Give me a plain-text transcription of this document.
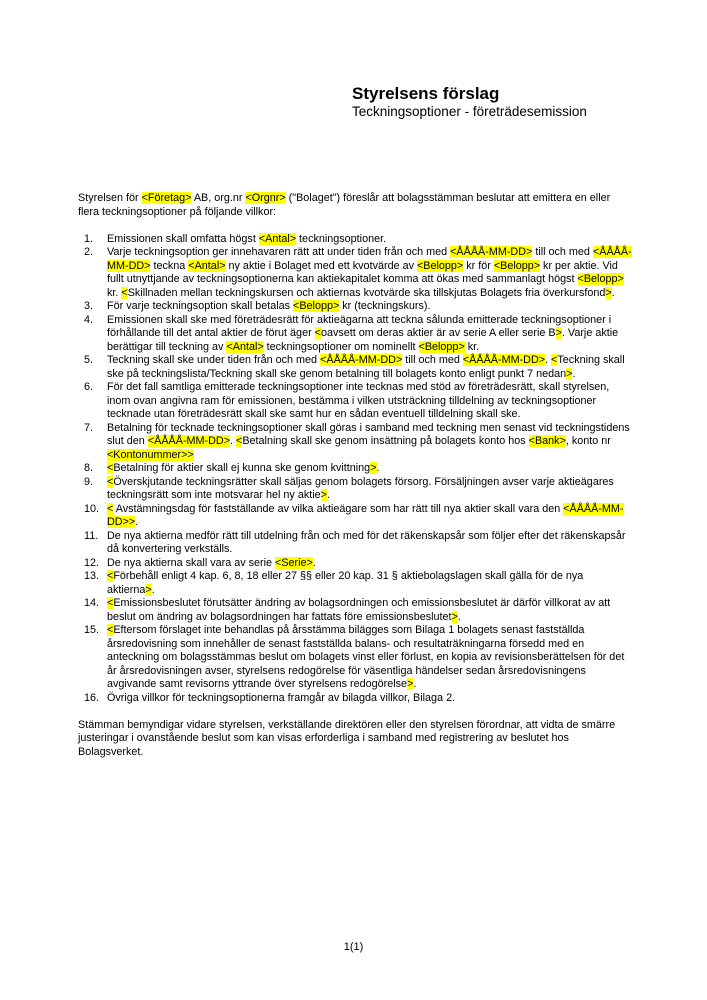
Styrelsens förslag
Teckningsoptioner - företrädesemission

Styrelsen för <Företag> AB, org.nr <Orgnr> ("Bolaget") föreslår att bolagsstämman beslutar att emittera en eller flera teckningsoptioner på följande villkor:

1.	Emissionen skall omfatta högst <Antal> teckningsoptioner.
2.	Varje teckningsoption ger innehavaren rätt att under tiden från och med <ÅÅÅÅ-MM-DD> till och med <ÅÅÅÅ-MM-DD> teckna <Antal> ny aktie i Bolaget med ett kvotvärde av <Belopp> kr för <Belopp> kr per aktie. Vid fullt utnyttjande av teckningsoptionerna kan aktiekapitalet komma att ökas med sammanlagt högst <Belopp> kr. <Skillnaden mellan teckningskursen och aktiernas kvotvärde ska tillskjutas Bolagets fria överkursfond>.
3.	För varje teckningsoption skall betalas <Belopp> kr (teckningskurs).
4.	Emissionen skall ske med företrädesrätt för aktieägarna att teckna sålunda emitterade teckningsoptioner i förhållande till det antal aktier de förut äger <oavsett om deras aktier är av serie A eller serie B>. Varje aktie berättigar till teckning av <Antal> teckningsoptioner om nominellt <Belopp> kr.
5.	Teckning skall ske under tiden från och med <ÅÅÅÅ-MM-DD> till och med <ÅÅÅÅ-MM-DD>. <Teckning skall ske på teckningslista/Teckning skall ske genom betalning till bolagets konto enligt punkt 7 nedan>.
6.	För det fall samtliga emitterade teckningsoptioner inte tecknas med stöd av företrädesrätt, skall styrelsen, inom ovan angivna ram för emissionen, bestämma i vilken utsträckning tilldelning av teckningsoptioner tecknade utan företrädesrätt skall ske samt hur en sådan eventuell tilldelning skall ske.
7.	Betalning för tecknade teckningsoptioner skall göras i samband med teckning men senast vid teckningstidens slut den <ÅÅÅÅ-MM-DD>. <Betalning skall ske genom insättning på bolagets konto hos <Bank>, konto nr <Kontonummer>>
8.	<Betalning för aktier skall ej kunna ske genom kvittning>.
9.	<Överskjutande teckningsrätter skall säljas genom bolagets försorg. Försäljningen avser varje aktieägares teckningsrätt som inte motsvarar hel ny aktie>.
10. < Avstämningsdag för fastställande av vilka aktieägare som har rätt till nya aktier skall vara den <ÅÅÅÅ-MM-DD>>.
11. De nya aktierna medför rätt till utdelning från och med för det räkenskapsår som följer efter det räkenskapsår då konvertering verkställs.
12. De nya aktierna skall vara av serie <Serie>.
13. <Förbehåll enligt 4 kap. 6, 8, 18 eller 27 §§ eller 20 kap. 31 § aktiebolagslagen skall gälla för de nya aktierna>.
14. <Emissionsbeslutet förutsätter ändring av bolagsordningen och emissionsbeslutet är därför villkorat av att beslut om ändring av bolagsordningen har fattats före emissionsbeslutet>.
15. <Eftersom förslaget inte behandlas på årsstämma bilägges som Bilaga 1 bolagets senast fastställda årsredovisning som innehåller de senast fastställda balans- och resultaträkningarna försedd med en anteckning om bolagsstämmas beslut om bolagets vinst eller förlust, en kopia av revisionsberättelsen för det år årsredovisningen avser, styrelsens redogörelse för väsentliga händelser sedan årsredovisningens avgivande samt revisorns yttrande över styrelsens redogörelse>.
16. Övriga villkor för teckningsoptionerna framgår av bilagda villkor, Bilaga 2.

Stämman bemyndigar vidare styrelsen, verkställande direktören eller den styrelsen förordnar, att vidta de smärre justeringar i ovanstående beslut som kan visas erforderliga i samband med registrering av beslutet hos Bolagsverket.

1(1)
